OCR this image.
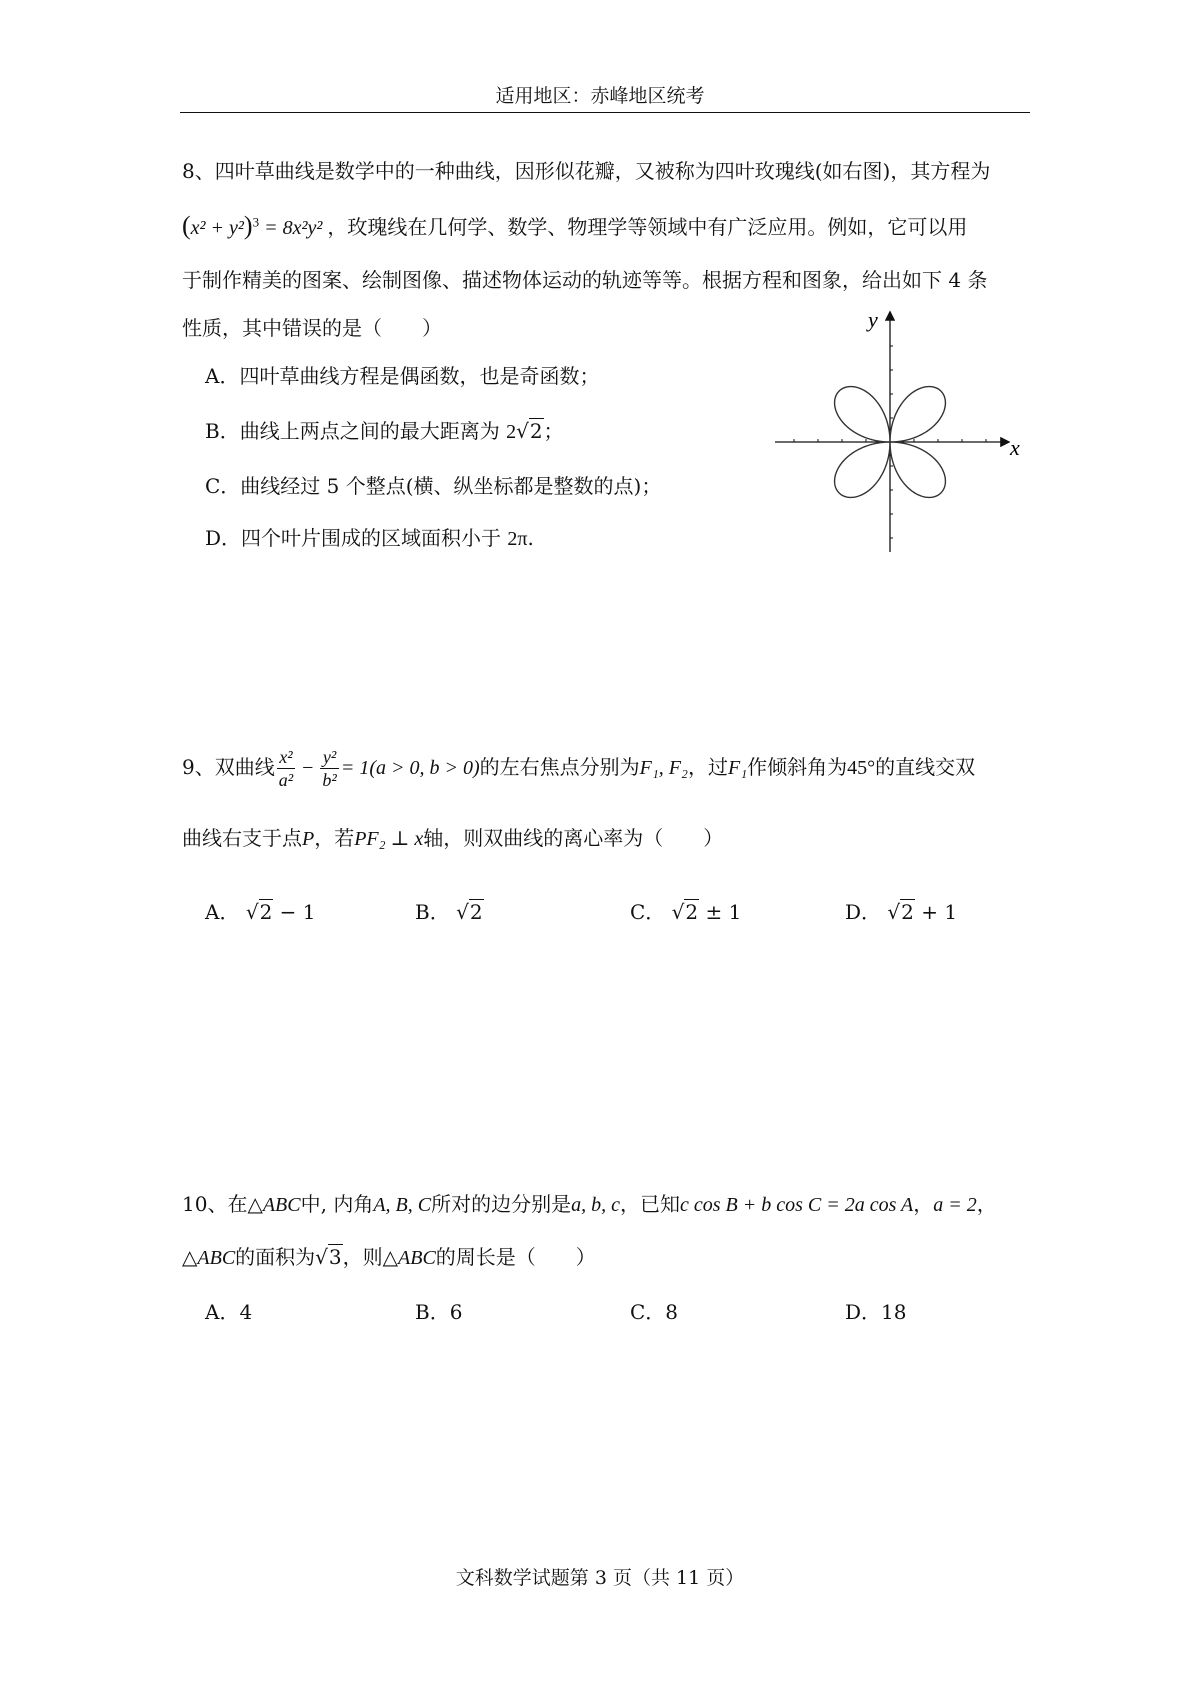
适用地区：赤峰地区统考
8、四叶草曲线是数学中的一种曲线，因形似花瓣，又被称为四叶玫瑰线(如右图)，其方程为
$(x^2 + y^2)^3 = 8x^2y^2$ ，玫瑰线在几何学、数学、物理学等领域中有广泛应用。例如，它可以用
于制作精美的图案、绘制图像、描述物体运动的轨迹等等。根据方程和图象，给出如下 4 条
性质，其中错误的是（　　）
A．四叶草曲线方程是偶函数，也是奇函数；
B．曲线上两点之间的最大距离为 2√2；
C．曲线经过 5 个整点(横、纵坐标都是整数的点)；
D．四个叶片围成的区域面积小于 2π.
x
y
9、双曲线 $\frac{\text{x²}}{\text{a²}} - \frac{\text{y²}}{\text{b²}} = 1(a > 0$, b > 0)的左右焦点分别为F₁, F₂，过F₁作倾斜角为45°的直线交双
曲线右支于点P，若PF₂ ⊥ x轴，则双曲线的离心率为（　　）
A． √2 − 1	B． √2	C． √2 ± 1	D． √2 + 1
10、在△ABC中, 内角A, B, C所对的边分别是a, b, c，已知c cos B + b cos C = 2a cos A，a = 2，
△ABC的面积为√3，则△ABC的周长是（　　）
A．4	B．6	C．8	D．18
文科数学试题第 3 页（共 11 页）
